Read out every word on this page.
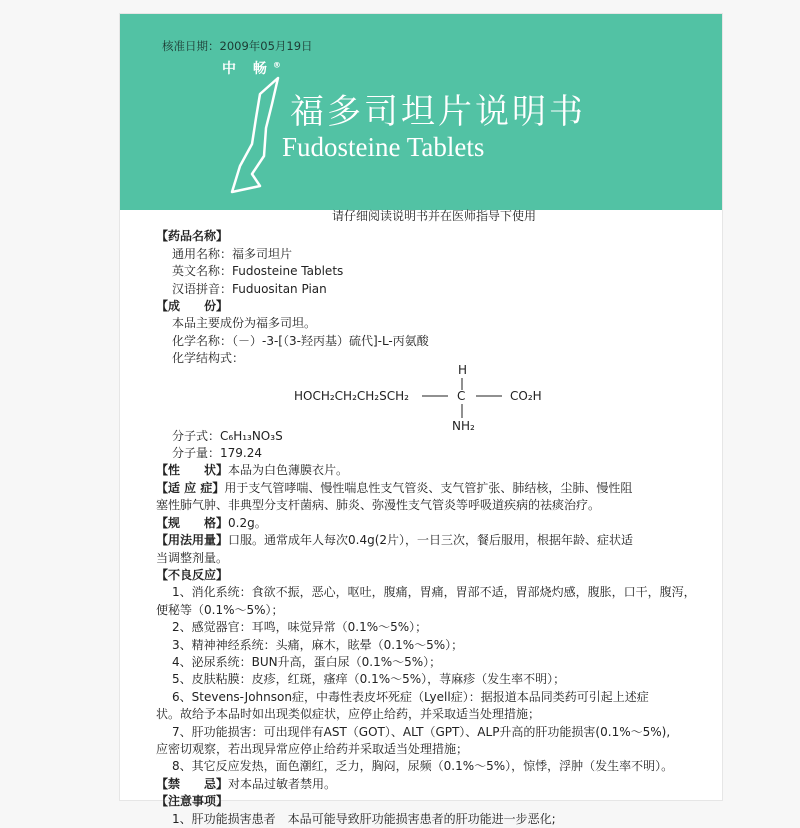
核准日期：2009年05月19日
中 畅®
福多司坦片说明书
Fudosteine Tablets

请仔细阅读说明书并在医师指导下使用

【药品名称】

通用名称：福多司坦片

英文名称：Fudosteine Tablets

汉语拼音：Fuduositan Pian

【成　　份】

本品主要成份为福多司坦。

化学名称：（－）-3-[（3-羟丙基）硫代]-L-丙氨酸

化学结构式：

H
HOCH₂CH₂CH₂SCH₂	C	CO₂H
NH₂

分子式：C₆H₁₃NO₃S

分子量：179.24

【性　　状】本品为白色薄膜衣片。

【适 应 症】用于支气管哮喘、慢性喘息性支气管炎、支气管扩张、肺结核，尘肺、慢性阻

塞性肺气肿、非典型分支杆菌病、肺炎、弥漫性支气管炎等呼吸道疾病的祛痰治疗。

【规　　格】0.2g。

【用法用量】口服。通常成年人每次0.4g(2片），一日三次，餐后服用，根据年龄、症状适

当调整剂量。

【不良反应】

1、消化系统：食欲不振，恶心，呕吐，腹痛，胃痛，胃部不适，胃部烧灼感，腹胀，口干，腹泻，

便秘等（0.1%～5%）；

2、感觉器官：耳鸣，味觉异常（0.1%～5%）；

3、精神神经系统：头痛，麻木，眩晕（0.1%～5%）；

4、泌尿系统：BUN升高，蛋白尿（0.1%～5%）；

5、皮肤粘膜：皮疹，红斑，瘙痒（0.1%～5%），荨麻疹（发生率不明）；

6、Stevens-Johnson症，中毒性表皮坏死症（Lyell症）：据报道本品同类药可引起上述症

状。故给予本品时如出现类似症状，应停止给药，并采取适当处理措施；

7、肝功能损害：可出现伴有AST（GOT）、ALT（GPT）、ALP升高的肝功能损害(0.1%～5%),

应密切观察，若出现异常应停止给药并采取适当处理措施；

8、其它反应发热，面色潮红，乏力，胸闷，尿频（0.1%～5%），惊悸，浮肿（发生率不明）。

【禁　　忌】对本品过敏者禁用。

【注意事项】

1、肝功能损害患者　本品可能导致肝功能损害患者的肝功能进一步恶化;
